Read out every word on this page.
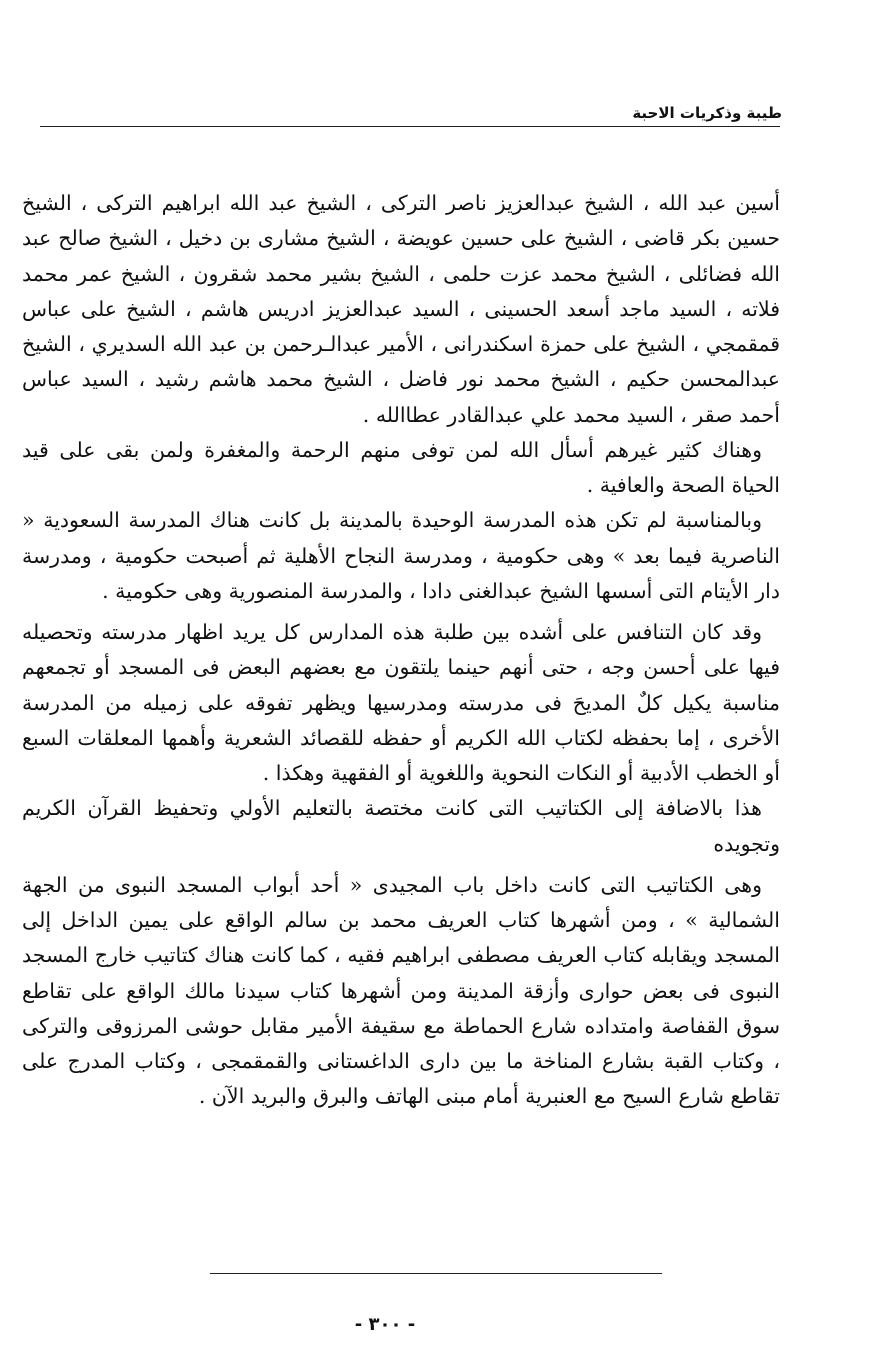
طيبة وذكريات الاحبة

أسين عبد الله ، الشيخ عبدالعزيز ناصر التركى ، الشيخ عبد الله ابراهيم التركى ، الشيخ حسين بكر قاضى ، الشيخ على حسين عويضة ، الشيخ مشارى بن دخيل ، الشيخ صالح عبد الله فضائلى ، الشيخ محمد عزت حلمى ، الشيخ بشير محمد شقرون ، الشيخ عمر محمد فلاته ، السيد ماجد أسعد الحسينى ، السيد عبدالعزيز ادريس هاشم ، الشيخ على عباس قمقمجي ، الشيخ على حمزة اسكندرانى ، الأمير عبدالـرحمن بن عبد الله السديري ، الشيخ عبدالمحسن حكيم ، الشيخ محمد نور فاضل ، الشيخ محمد هاشم رشيد ، السيد عباس أحمد صقر ، السيد محمد علي عبدالقادر عطاالله .

وهناك كثير غيرهم أسأل الله لمن توفى منهم الرحمة والمغفرة ولمن بقى على قيد الحياة الصحة والعافية .

وبالمناسبة لم تكن هذه المدرسة الوحيدة بالمدينة بل كانت هناك المدرسة السعودية « الناصرية فيما بعد » وهى حكومية ، ومدرسة النجاح الأهلية ثم أصبحت حكومية ، ومدرسة دار الأيتام التى أسسها الشيخ عبدالغنى دادا ، والمدرسة المنصورية وهى حكومية .

وقد كان التنافس على أشده بين طلبة هذه المدارس كل يريد اظهار مدرسته وتحصيله فيها على أحسن وجه ، حتى أنهم حينما يلتقون مع بعضهم البعض فى المسجد أو تجمعهم مناسبة يكيل كلٌ المديحَ فى مدرسته ومدرسيها ويظهر تفوقه على زميله من المدرسة الأخرى ، إما بحفظه لكتاب الله الكريم أو حفظه للقصائد الشعرية وأهمها المعلقات السبع أو الخطب الأدبية أو النكات النحوية واللغوية أو الفقهية وهكذا .

هذا بالاضافة إلى الكتاتيب التى كانت مختصة بالتعليم الأولي وتحفيظ القرآن الكريم وتجويده

وهى الكتاتيب التى كانت داخل باب المجيدى « أحد أبواب المسجد النبوى من الجهة الشمالية » ، ومن أشهرها كتاب العريف محمد بن سالم الواقع على يمين الداخل إلى المسجد ويقابله كتاب العريف مصطفى ابراهيم فقيه ، كما كانت هناك كتاتيب خارج المسجد النبوى فى بعض حوارى وأزقة المدينة ومن أشهرها كتاب سيدنا مالك الواقع على تقاطع سوق القفاصة وامتداده شارع الحماطة مع سقيفة الأمير مقابل حوشى المرزوقى والتركى ، وكتاب القبة بشارع المناخة ما بين دارى الداغستانى والقمقمجى ، وكتاب المدرج على تقاطع شارع السيح مع العنبرية أمام مبنى الهاتف والبرق والبريد الآن .

- ٣٠٠ -
